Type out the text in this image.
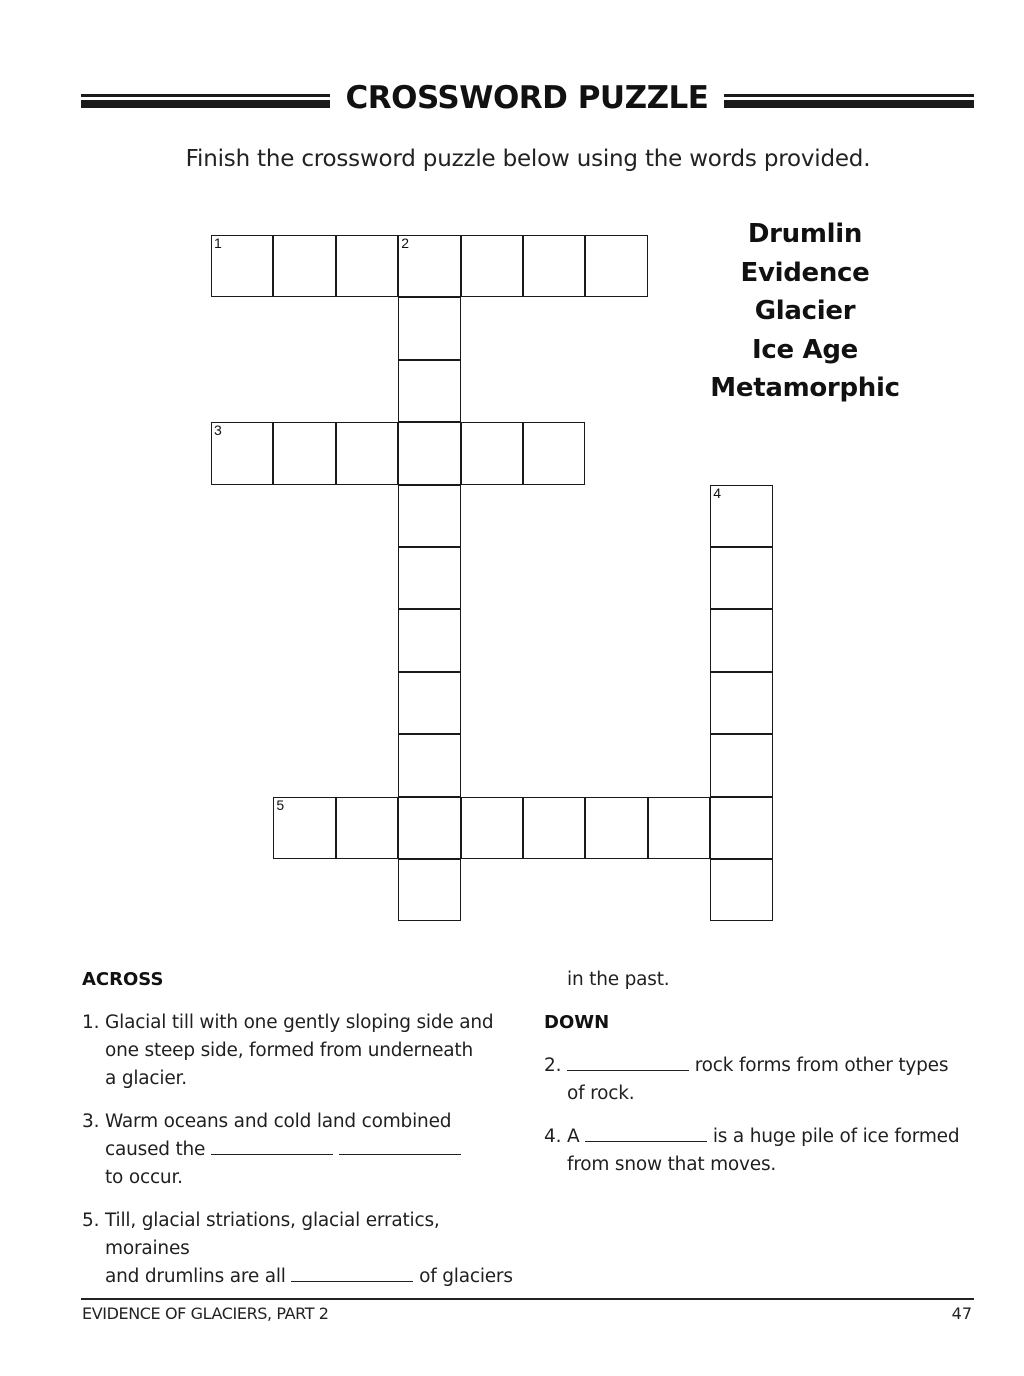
CROSSWORD PUZZLE
Finish the crossword puzzle below using the words provided.
1	2
3
4
5
Drumlin
Evidence
Glacier
Ice Age
Metamorphic
ACROSS
1. Glacial till with one gently sloping side and
one steep side, formed from underneath
a glacier.
3. Warm oceans and cold land combined
caused the
to occur.
5. Till, glacial striations, glacial erratics, moraines
and drumlins are all	of glaciers
in the past.
DOWN
2.	rock forms from other types
of rock.
4. A	is a huge pile of ice formed
from snow that moves.
EVIDENCE OF GLACIERS, PART 2	47
